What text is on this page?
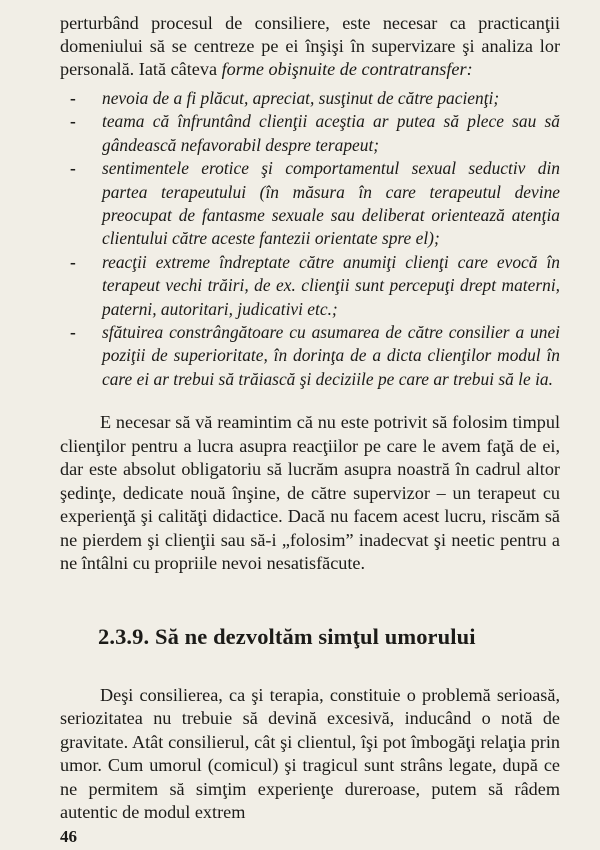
perturbând procesul de consiliere, este necesar ca practicanţii domeniului să se centreze pe ei înşişi în supervizare şi analiza lor personală. Iată câteva forme obişnuite de contratransfer:

- nevoia de a fi plăcut, apreciat, susţinut de către pacienţi;
- teama că înfruntând clienţii aceştia ar putea să plece sau să gândească nefavorabil despre terapeut;
- sentimentele erotice şi comportamentul sexual seductiv din partea terapeutului (în măsura în care terapeutul devine preocupat de fantasme sexuale sau deliberat orientează atenţia clientului către aceste fantezii orientate spre el);
- reacţii extreme îndreptate către anumiţi clienţi care evocă în terapeut vechi trăiri, de ex. clienţii sunt percepuţi drept materni, paterni, autoritari, judicativi etc.;
- sfătuirea constrângătoare cu asumarea de către consilier a unei poziţii de superioritate, în dorinţa de a dicta clienţilor modul în care ei ar trebui să trăiască şi deciziile pe care ar trebui să le ia.

E necesar să vă reamintim că nu este potrivit să folosim timpul clienţilor pentru a lucra asupra reacţiilor pe care le avem faţă de ei, dar este absolut obligatoriu să lucrăm asupra noastră în cadrul altor şedinţe, dedicate nouă înşine, de către supervizor – un terapeut cu experienţă şi calităţi didactice. Dacă nu facem acest lucru, riscăm să ne pierdem şi clienţii sau să-i „folosim” inadecvat şi neetic pentru a ne întâlni cu propriile nevoi nesatisfăcute.

2.3.9. Să ne dezvoltăm simţul umorului

Deşi consilierea, ca şi terapia, constituie o problemă serioasă, seriozitatea nu trebuie să devină excesivă, inducând o notă de gravitate. Atât consilierul, cât şi clientul, îşi pot îmbogăţi relaţia prin umor. Cum umorul (comicul) şi tragicul sunt strâns legate, după ce ne permitem să simţim experienţe dureroase, putem să râdem autentic de modul extrem

46
